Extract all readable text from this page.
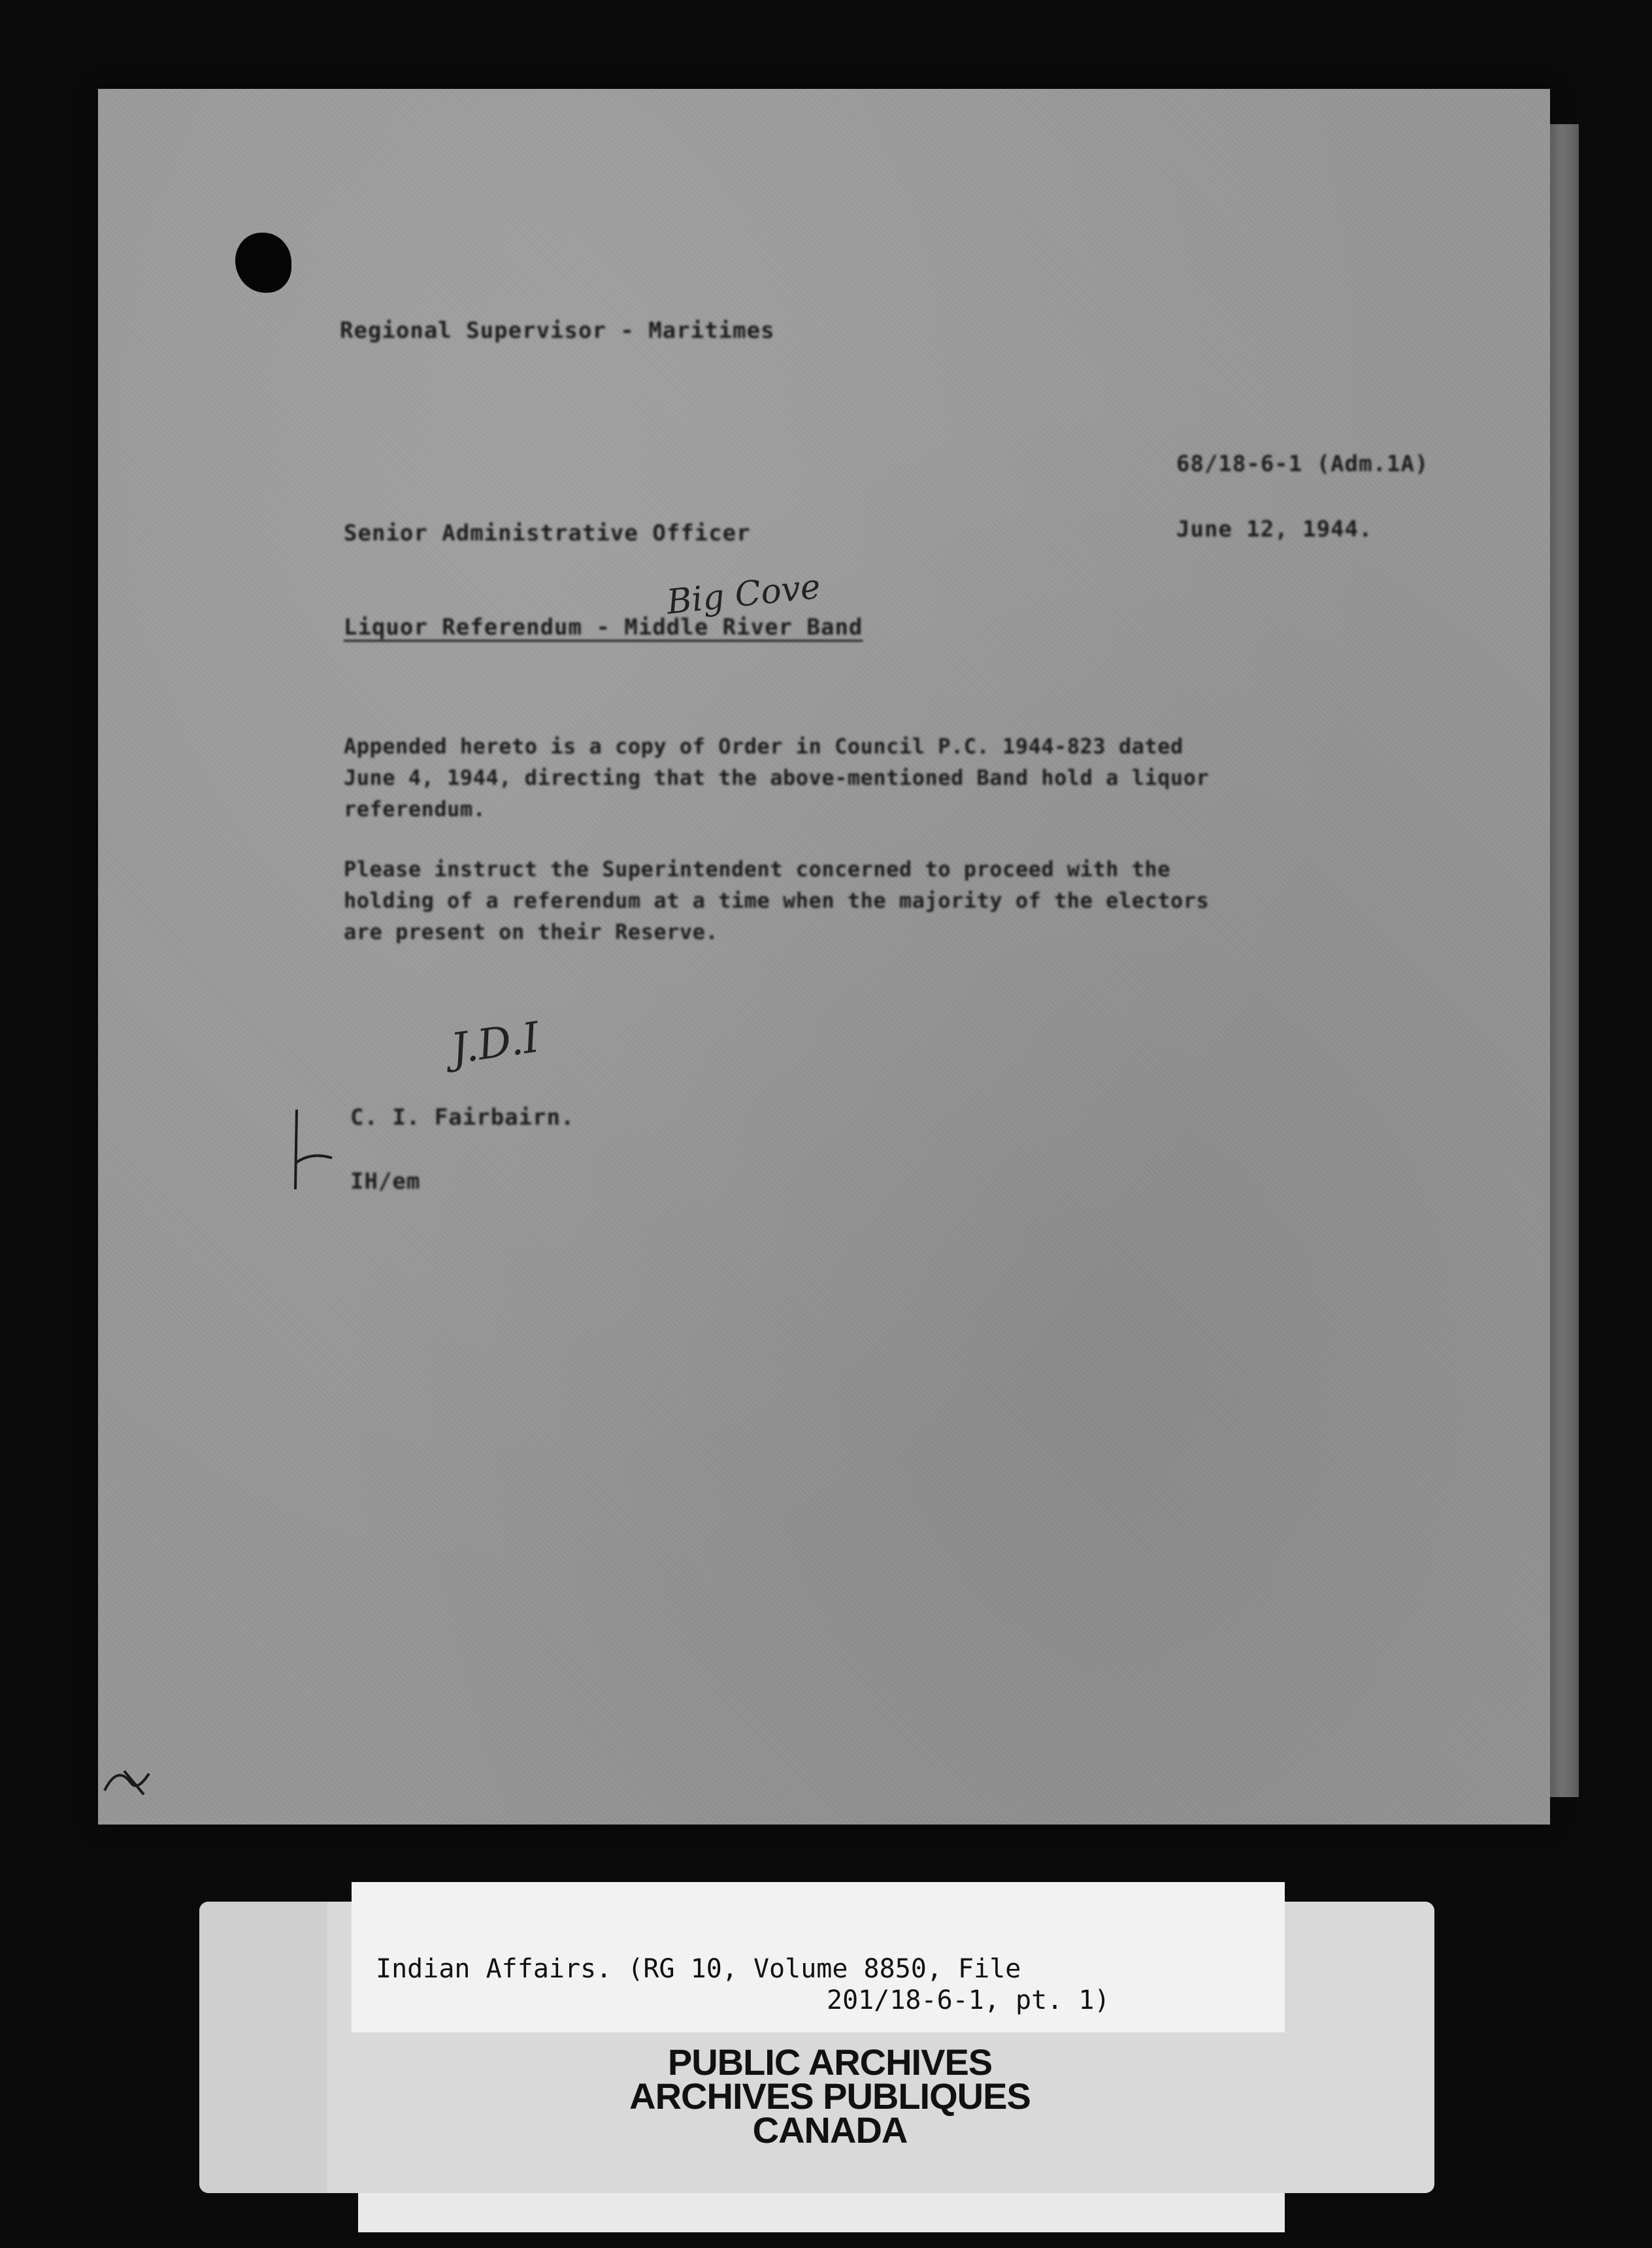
Regional Supervisor - Maritimes
68/18-6-1 (Adm.1A)
Senior Administrative Officer	June 12, 1944.
Big Cove
Liquor Referendum - Middle River Band
Appended hereto is a copy of Order in Council P.C. 1944-823 dated
June 4, 1944, directing that the above-mentioned Band hold a liquor
referendum.
Please instruct the Superintendent concerned to proceed with the
holding of a referendum at a time when the majority of the electors
are present on their Reserve.
J.D.I
C. I. Fairbairn.
IH/em
Indian Affairs. (RG 10, Volume 8850, File
201/18-6-1, pt. 1)
PUBLIC ARCHIVES
ARCHIVES PUBLIQUES
CANADA
